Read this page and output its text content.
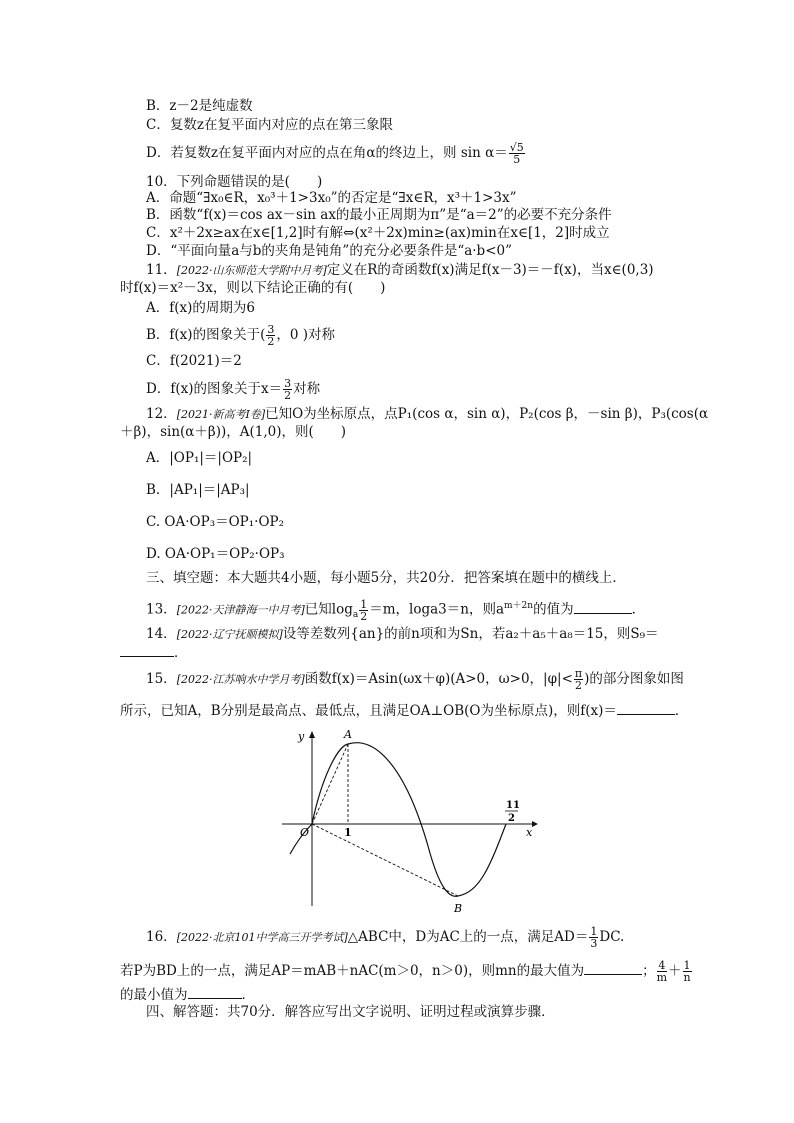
B．z－2是纯虚数
C．复数z在复平面内对应的点在第三象限
D．若复数z在复平面内对应的点在角α的终边上，则 $\sin \alpha= \frac{√5}{5}$
10．下列命题错误的是(　　)
A．命题“∃x₀∈R，x₀³＋1>3x₀”的否定是“∃x∈R，x³＋1>3x”
B．函数“f(x)＝cos ax－sin ax的最小正周期为π”是“a＝2”的必要不充分条件
C．x²＋2x≥ax在x∈[1,2]时有解⇔(x²＋2x)min≥(ax)min在x∈[1，2]时成立
D．“平面向量a与b的夹角是钝角”的充分必要条件是“a·b<0”
11．[2022·山东师范大学附中月考]定义在R的奇函数f(x)满足f(x－3)＝－f(x)，当x∈(0,3)
时f(x)＝x²－3x，则以下结论正确的有(　　)
A．f(x)的周期为6
B．f(x)的图象关于( $\frac{3}{2}$ ，0 )对称
C．f(2021)＝2
D．f(x)的图象关于$x= \frac{3}{2}$ 对称
12．[2021·新高考Ⅰ卷]已知O为坐标原点，点P₁(cos α，sin α)，P₂(cos β，－sin β)，P₃(cos(α
＋β)，sin(α＋β))，A(1,0)，则(　　)
A．|OP₁|＝|OP₂|
B．|AP₁|＝|AP₃|
C. OA·OP₃＝OP₁·OP₂
D. OA·OP₁＝OP₂·OP₃
三、填空题：本大题共4小题，每小题5分，共20分．把答案填在题中的横线上．
13．[2022·天津静海一中月考]已知$\log_a \frac{1}{2} =m$，loga3＝n，则$a^{m+2n}$的值为	．
14．[2022·辽宁抚顺模拟]设等差数列{an}的前n项和为Sn，若a₂＋a₅＋a₈＝15，则S₉＝
．
15．[2022·江苏响水中学月考]函数f(x)＝Asin(ωx＋φ)(A>0，ω>0，$|\varphi|< \frac{\pi}{2}$ )的部分图象如图
所示，已知A，B分别是最高点、最低点，且满足OA⊥OB(O为坐标原点)，则f(x)＝	．
y
x
O
A
B
1
11
2
16．[2022·北京101中学高三开学考试]△ABC中，D为AC上的一点，满足$AD= \frac{1}{3}$ DC.
若P为BD上的一点，满足AP＝mAB＋nAC(m＞0，n＞0)，则mn的最大值为	； $\frac{4}{m} + \frac{1}{n}$
的最小值为	．
四、解答题：共70分．解答应写出文字说明、证明过程或演算步骤．
